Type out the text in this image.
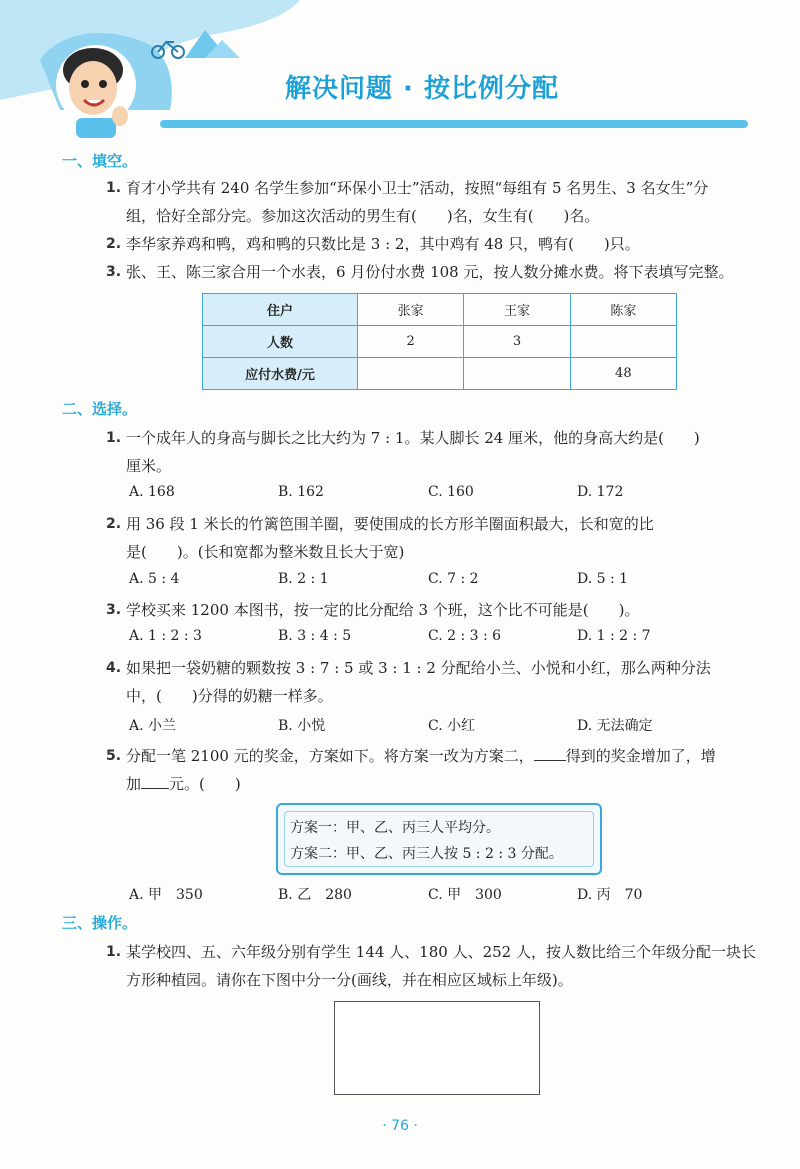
解决问题 · 按比例分配
一、填空。
1. 育才小学共有 240 名学生参加“环保小卫士”活动，按照“每组有 5 名男生、3 名女生”分
组，恰好全部分完。参加这次活动的男生有(　　)名，女生有(　　)名。
2. 李华家养鸡和鸭，鸡和鸭的只数比是 3 : 2，其中鸡有 48 只，鸭有(　　)只。
3. 张、王、陈三家合用一个水表，6 月份付水费 108 元，按人数分摊水费。将下表填写完整。
住户	张家	王家	陈家
人数	2	3	
应付水费/元			48
二、选择。
1. 一个成年人的身高与脚长之比大约为 7 : 1。某人脚长 24 厘米，他的身高大约是(　　)
厘米。
A. 168	B. 162	C. 160	D. 172
2. 用 36 段 1 米长的竹篱笆围羊圈，要使围成的长方形羊圈面积最大，长和宽的比
是(　　)。(长和宽都为整米数且长大于宽)
A. 5 : 4	B. 2 : 1	C. 7 : 2	D. 5 : 1
3. 学校买来 1200 本图书，按一定的比分配给 3 个班，这个比不可能是(　　)。
A. 1 : 2 : 3	B. 3 : 4 : 5	C. 2 : 3 : 6	D. 1 : 2 : 7
4. 如果把一袋奶糖的颗数按 3 : 7 : 5 或 3 : 1 : 2 分配给小兰、小悦和小红，那么两种分法
中，(　　)分得的奶糖一样多。
A. 小兰	B. 小悦	C. 小红	D. 无法确定
5. 分配一笔 2100 元的奖金，方案如下。将方案一改为方案二， 得到的奖金增加了，增
加 元。(　　)
方案一：甲、乙、丙三人平均分。
方案二：甲、乙、丙三人按 5 : 2 : 3 分配。
A. 甲　350	B. 乙　280	C. 甲　300	D. 丙　70
三、操作。
1. 某学校四、五、六年级分别有学生 144 人、180 人、252 人，按人数比给三个年级分配一块长
方形种植园。请你在下图中分一分(画线，并在相应区域标上年级)。
· 76 ·
